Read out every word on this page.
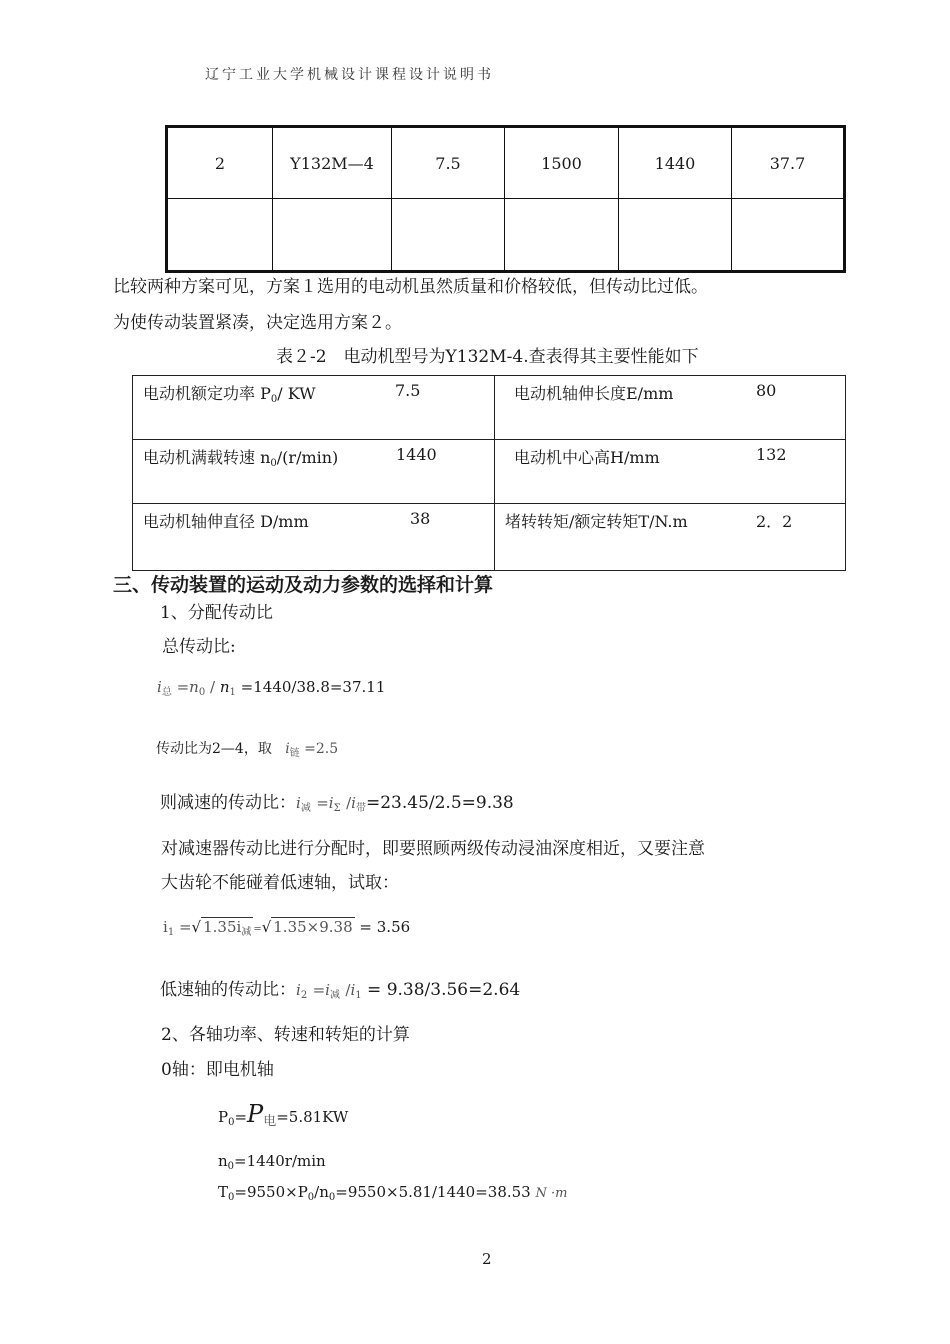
辽宁工业大学机械设计课程设计说明书
2	Y132M—4	7.5	1500	1440	37.7

比较两种方案可见，方案１选用的电动机虽然质量和价格较低，但传动比过低。
为使传动装置紧凑，决定选用方案２。
表２-2　电动机型号为Y132M-4.查表得其主要性能如下
电动机额定功率 $P_0/$ KW 7.5	电动机轴伸长度E/mm 80

电动机满载转速 $n_0/(r/\min)$ 1440	电动机中心高H/mm 132

电动机轴伸直径 D/mm 38	堵转转矩/额定转矩T/N.m 2．2
三、传动装置的运动及动力参数的选择和计算
1、分配传动比
总传动比:
$i_总 =n_0 / n_1 =1440/38.8=37.11$
传动比为2—4，取 $i_链 =2.5$
则减速的传动比：$i_减 =i_\Sigma$ $/i_带=23.45/2.5=9.38$
对减速器传动比进行分配时，即要照顾两级传动浸油深度相近，又要注意
大齿轮不能碰着低速轴，试取：
$i_1$ =√ $1.35i_减$ =√ 1.35×9.38 = 3.56
低速轴的传动比：$i_2 =i_减$ $/i_1 = 9.38/3.56=2.64$
2、各轴功率、转速和转矩的计算
0轴：即电机轴
$P_0=P$电=5.81KW
$n_0=1440r/\min$
$T_0=9550\times P_0/n_0=9550\times 5.81/1440=38.53$ N ·m
2
